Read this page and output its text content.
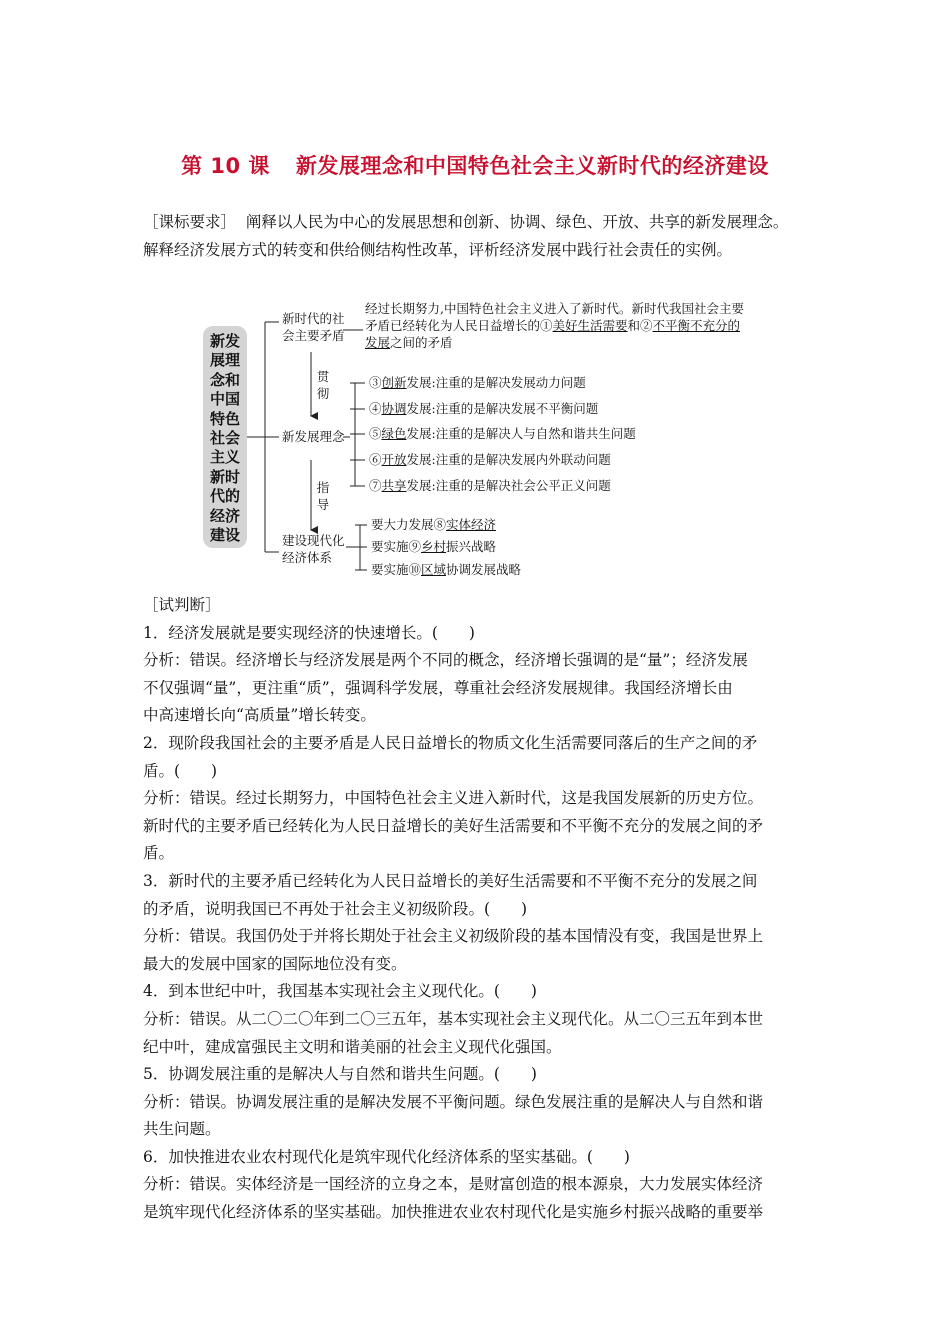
第 10 课 新发展理念和中国特色社会主义新时代的经济建设
［课标要求］ 阐释以人民为中心的发展思想和创新、协调、绿色、开放、共享的新发展理念。
解释经济发展方式的转变和供给侧结构性改革，评析经济发展中践行社会责任的实例。
新发
展理
念和
中国
特色
社会
主义
新时
代的
经济
建设
新时代的社
会主要矛盾
经过长期努力,中国特色社会主义进入了新时代。新时代我国社会主要
矛盾已经转化为人民日益增长的①美好生活需要和②不平衡不充分的
发展之间的矛盾
贯
彻
指
导
新发展理念
③创新发展:注重的是解决发展动力问题
④协调发展:注重的是解决发展不平衡问题
⑤绿色发展:注重的是解决人与自然和谐共生问题
⑥开放发展:注重的是解决发展内外联动问题
⑦共享发展:注重的是解决社会公平正义问题
建设现代化
经济体系
要大力发展⑧实体经济
要实施⑨乡村振兴战略
要实施⑩区域协调发展战略

［试判断］

1．经济发展就是要实现经济的快速增长。(　　)

分析：错误。经济增长与经济发展是两个不同的概念，经济增长强调的是“量”；经济发展

不仅强调“量”，更注重“质”，强调科学发展，尊重社会经济发展规律。我国经济增长由

中高速增长向“高质量”增长转变。

2．现阶段我国社会的主要矛盾是人民日益增长的物质文化生活需要同落后的生产之间的矛

盾。(　　)

分析：错误。经过长期努力，中国特色社会主义进入新时代，这是我国发展新的历史方位。

新时代的主要矛盾已经转化为人民日益增长的美好生活需要和不平衡不充分的发展之间的矛

盾。

3．新时代的主要矛盾已经转化为人民日益增长的美好生活需要和不平衡不充分的发展之间

的矛盾，说明我国已不再处于社会主义初级阶段。(　　)

分析：错误。我国仍处于并将长期处于社会主义初级阶段的基本国情没有变，我国是世界上

最大的发展中国家的国际地位没有变。

4．到本世纪中叶，我国基本实现社会主义现代化。(　　)

分析：错误。从二〇二〇年到二〇三五年，基本实现社会主义现代化。从二〇三五年到本世

纪中叶，建成富强民主文明和谐美丽的社会主义现代化强国。

5．协调发展注重的是解决人与自然和谐共生问题。(　　)

分析：错误。协调发展注重的是解决发展不平衡问题。绿色发展注重的是解决人与自然和谐

共生问题。

6．加快推进农业农村现代化是筑牢现代化经济体系的坚实基础。(　　)

分析：错误。实体经济是一国经济的立身之本，是财富创造的根本源泉，大力发展实体经济

是筑牢现代化经济体系的坚实基础。加快推进农业农村现代化是实施乡村振兴战略的重要举
